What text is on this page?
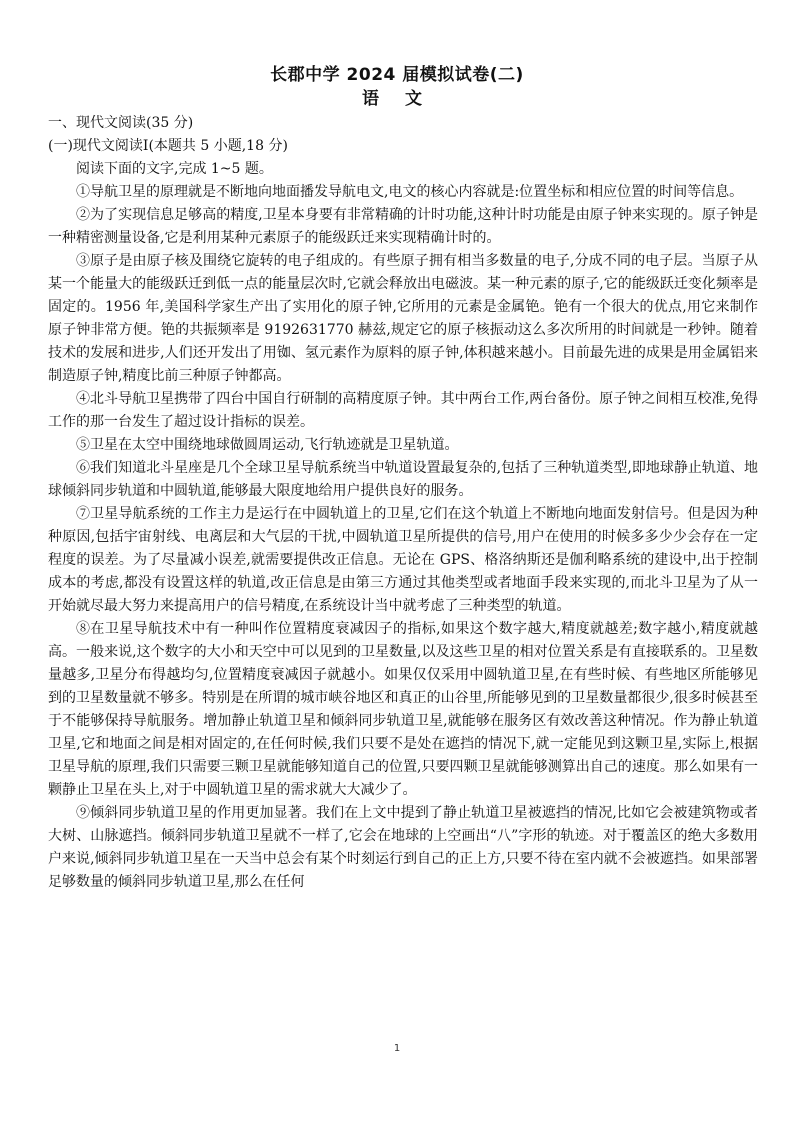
长郡中学 2024 届模拟试卷(二)
语 文

一、现代文阅读(35 分)

(一)现代文阅读Ⅰ(本题共 5 小题,18 分)

阅读下面的文字,完成 1~5 题。

①导航卫星的原理就是不断地向地面播发导航电文,电文的核心内容就是:位置坐标和相应位置的时间等信息。

②为了实现信息足够高的精度,卫星本身要有非常精确的计时功能,这种计时功能是由原子钟来实现的。原子钟是一种精密测量设备,它是利用某种元素原子的能级跃迁来实现精确计时的。

③原子是由原子核及围绕它旋转的电子组成的。有些原子拥有相当多数量的电子,分成不同的电子层。当原子从某一个能量大的能级跃迁到低一点的能量层次时,它就会释放出电磁波。某一种元素的原子,它的能级跃迁变化频率是固定的。1956 年,美国科学家生产出了实用化的原子钟,它所用的元素是金属铯。铯有一个很大的优点,用它来制作原子钟非常方便。铯的共振频率是 9192631770 赫兹,规定它的原子核振动这么多次所用的时间就是一秒钟。随着技术的发展和进步,人们还开发出了用铷、氢元素作为原料的原子钟,体积越来越小。目前最先进的成果是用金属铝来制造原子钟,精度比前三种原子钟都高。

④北斗导航卫星携带了四台中国自行研制的高精度原子钟。其中两台工作,两台备份。原子钟之间相互校准,免得工作的那一台发生了超过设计指标的误差。

⑤卫星在太空中围绕地球做圆周运动,飞行轨迹就是卫星轨道。

⑥我们知道北斗星座是几个全球卫星导航系统当中轨道设置最复杂的,包括了三种轨道类型,即地球静止轨道、地球倾斜同步轨道和中圆轨道,能够最大限度地给用户提供良好的服务。

⑦卫星导航系统的工作主力是运行在中圆轨道上的卫星,它们在这个轨道上不断地向地面发射信号。但是因为种种原因,包括宇宙射线、电离层和大气层的干扰,中圆轨道卫星所提供的信号,用户在使用的时候多多少少会存在一定程度的误差。为了尽量减小误差,就需要提供改正信息。无论在 GPS、格洛纳斯还是伽利略系统的建设中,出于控制成本的考虑,都没有设置这样的轨道,改正信息是由第三方通过其他类型或者地面手段来实现的,而北斗卫星为了从一开始就尽最大努力来提高用户的信号精度,在系统设计当中就考虑了三种类型的轨道。

⑧在卫星导航技术中有一种叫作位置精度衰减因子的指标,如果这个数字越大,精度就越差;数字越小,精度就越高。一般来说,这个数字的大小和天空中可以见到的卫星数量,以及这些卫星的相对位置关系是有直接联系的。卫星数量越多,卫星分布得越均匀,位置精度衰减因子就越小。如果仅仅采用中圆轨道卫星,在有些时候、有些地区所能够见到的卫星数量就不够多。特别是在所谓的城市峡谷地区和真正的山谷里,所能够见到的卫星数量都很少,很多时候甚至于不能够保持导航服务。增加静止轨道卫星和倾斜同步轨道卫星,就能够在服务区有效改善这种情况。作为静止轨道卫星,它和地面之间是相对固定的,在任何时候,我们只要不是处在遮挡的情况下,就一定能见到这颗卫星,实际上,根据卫星导航的原理,我们只需要三颗卫星就能够知道自己的位置,只要四颗卫星就能够测算出自己的速度。那么如果有一颗静止卫星在头上,对于中圆轨道卫星的需求就大大减少了。

⑨倾斜同步轨道卫星的作用更加显著。我们在上文中提到了静止轨道卫星被遮挡的情况,比如它会被建筑物或者大树、山脉遮挡。倾斜同步轨道卫星就不一样了,它会在地球的上空画出“八”字形的轨迹。对于覆盖区的绝大多数用户来说,倾斜同步轨道卫星在一天当中总会有某个时刻运行到自己的正上方,只要不待在室内就不会被遮挡。如果部署足够数量的倾斜同步轨道卫星,那么在任何

1
